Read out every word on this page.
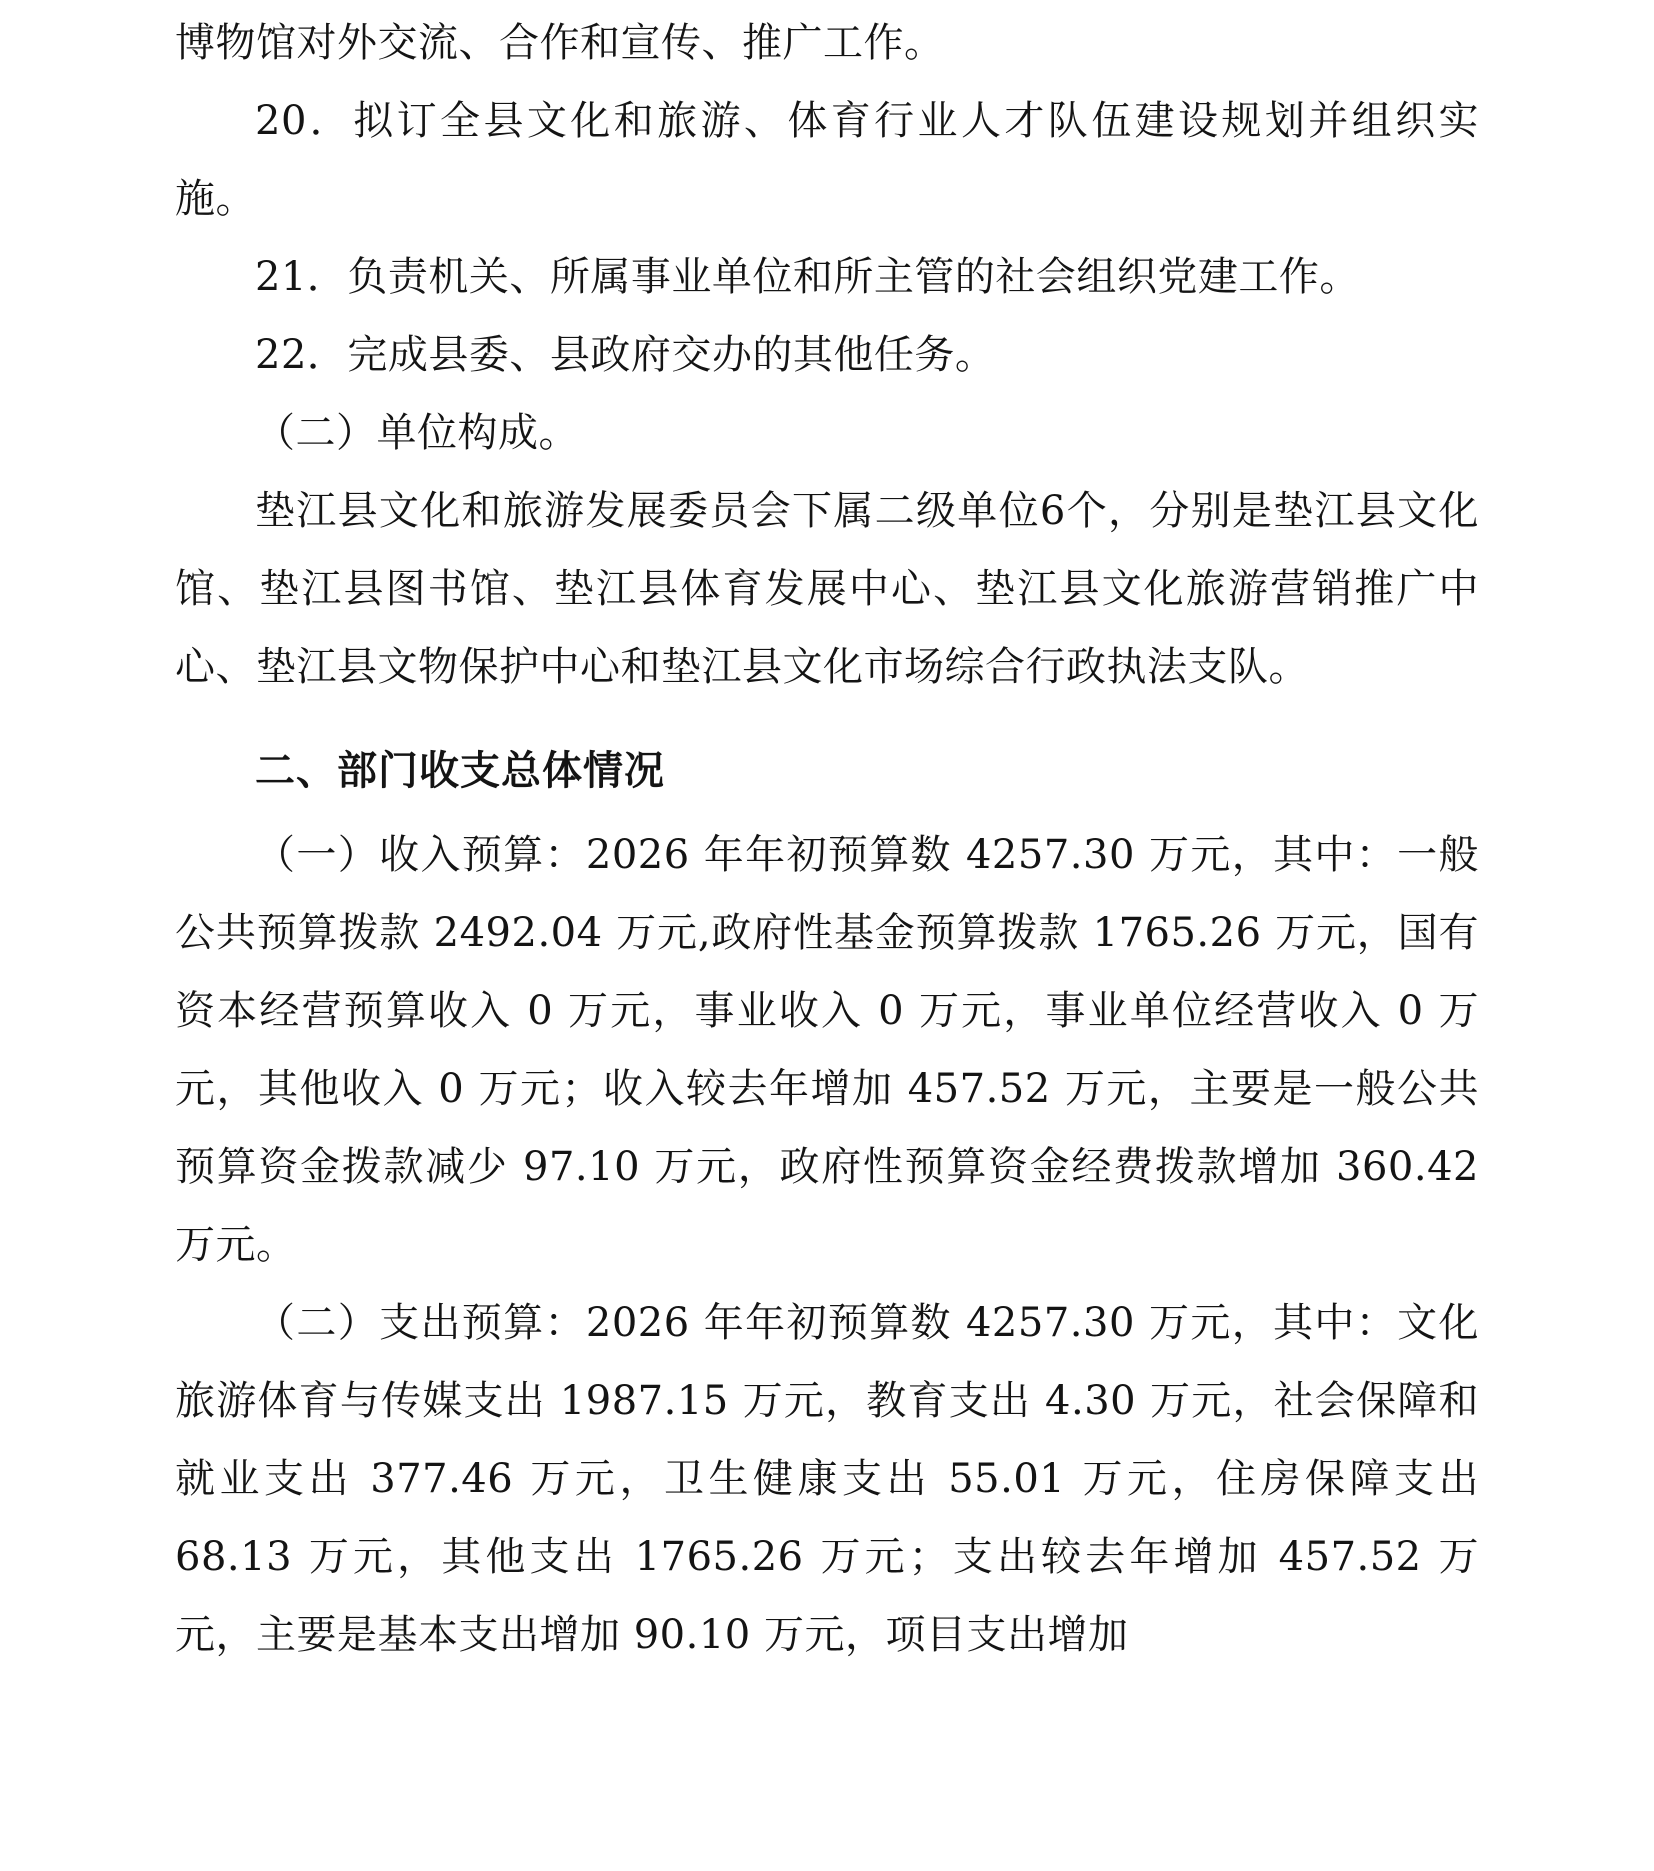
博物馆对外交流、合作和宣传、推广工作。

20．拟订全县文化和旅游、体育行业人才队伍建设规划并组织实施。

21．负责机关、所属事业单位和所主管的社会组织党建工作。

22．完成县委、县政府交办的其他任务。

（二）单位构成。

垫江县文化和旅游发展委员会下属二级单位6个，分别是垫江县文化馆、垫江县图书馆、垫江县体育发展中心、垫江县文化旅游营销推广中心、垫江县文物保护中心和垫江县文化市场综合行政执法支队。

二、部门收支总体情况

（一）收入预算：2026 年年初预算数 4257.30 万元，其中：一般公共预算拨款 2492.04 万元,政府性基金预算拨款 1765.26 万元，国有资本经营预算收入 0 万元，事业收入 0 万元，事业单位经营收入 0 万元，其他收入 0 万元；收入较去年增加 457.52 万元，主要是一般公共预算资金拨款减少 97.10 万元，政府性预算资金经费拨款增加 360.42 万元。

（二）支出预算：2026 年年初预算数 4257.30 万元，其中：文化旅游体育与传媒支出 1987.15 万元，教育支出 4.30 万元，社会保障和就业支出 377.46 万元，卫生健康支出 55.01 万元，住房保障支出 68.13 万元，其他支出 1765.26 万元；支出较去年增加 457.52 万元，主要是基本支出增加 90.10 万元，项目支出增加
